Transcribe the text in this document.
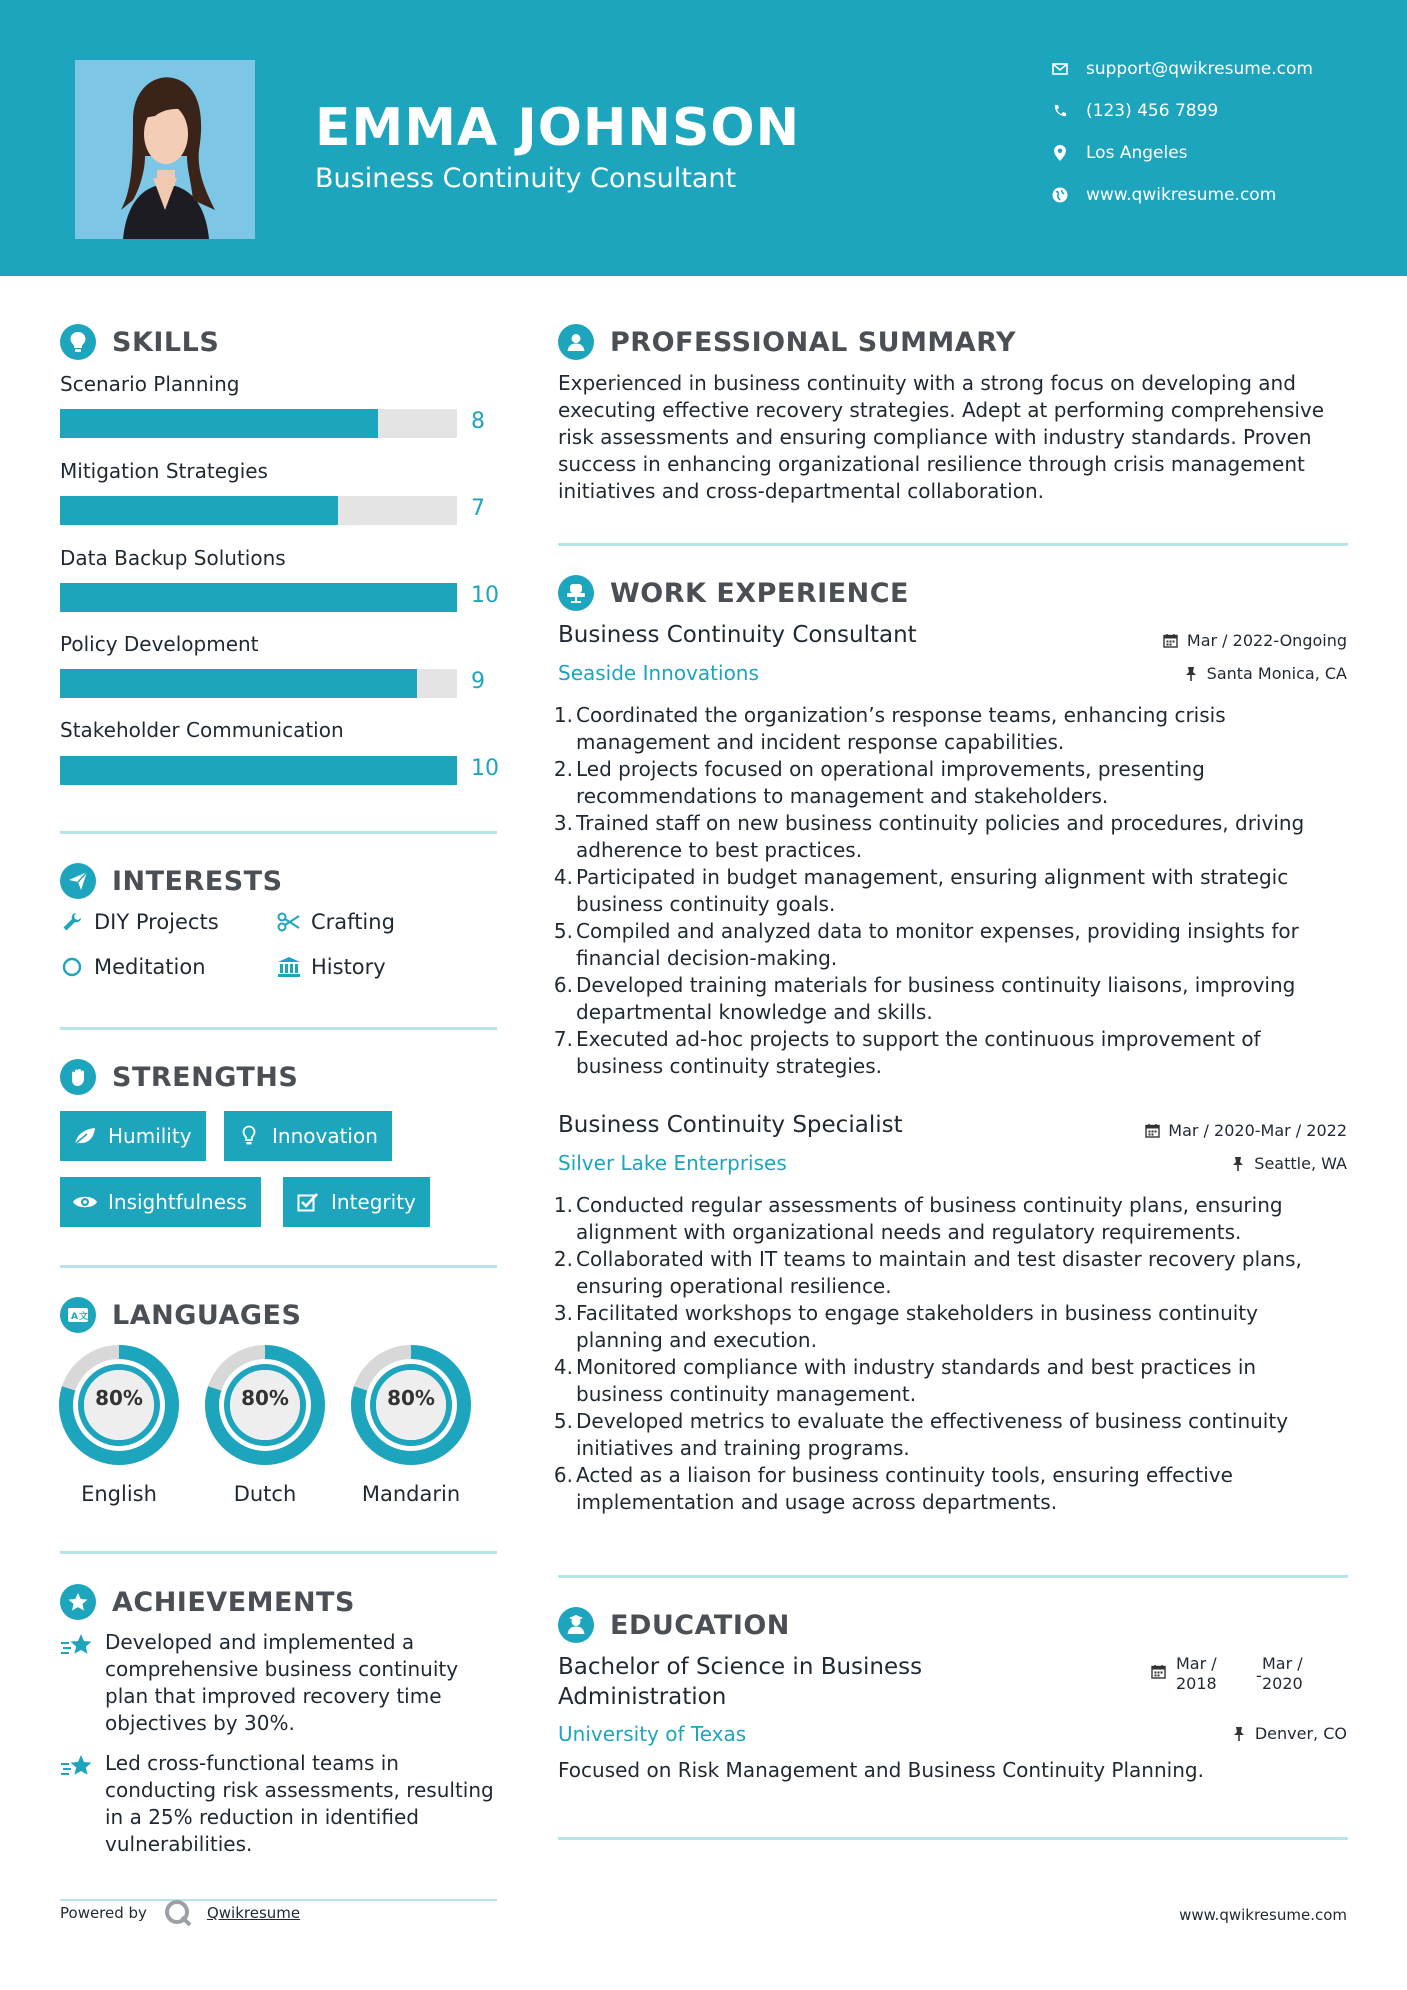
EMMA JOHNSON
Business Continuity Consultant
support@qwikresume.com
(123) 456 7899
Los Angeles
www.qwikresume.com
SKILLS
Scenario Planning
8
Mitigation Strategies
7
Data Backup Solutions
10
Policy Development
9
Stakeholder Communication
10
INTERESTS
DIY Projects	Crafting
Meditation	History
STRENGTHS
Humility	Innovation
Insightfulness	Integrity
A 文 LANGUAGES
80%
English
80%
Dutch
80%
Mandarin
ACHIEVEMENTS
Developed and implemented a comprehensive business continuity plan that improved recovery time objectives by 30%.
Led cross-functional teams in conducting risk assessments, resulting in a 25% reduction in identified vulnerabilities.
PROFESSIONAL SUMMARY
Experienced in business continuity with a strong focus on developing and executing effective recovery strategies. Adept at performing comprehensive risk assessments and ensuring compliance with industry standards. Proven success in enhancing organizational resilience through crisis management initiatives and cross-departmental collaboration.
WORK EXPERIENCE
Business Continuity Consultant	Mar / 2022-Ongoing
Seaside Innovations	Santa Monica, CA
1. Coordinated the organization’s response teams, enhancing crisis management and incident response capabilities.
2. Led projects focused on operational improvements, presenting recommendations to management and stakeholders.
3. Trained staff on new business continuity policies and procedures, driving adherence to best practices.
4. Participated in budget management, ensuring alignment with strategic business continuity goals.
5. Compiled and analyzed data to monitor expenses, providing insights for financial decision-making.
6. Developed training materials for business continuity liaisons, improving departmental knowledge and skills.
7. Executed ad-hoc projects to support the continuous improvement of business continuity strategies.
Business Continuity Specialist	Mar / 2020-Mar / 2022
Silver Lake Enterprises	Seattle, WA
1. Conducted regular assessments of business continuity plans, ensuring alignment with organizational needs and regulatory requirements.
2. Collaborated with IT teams to maintain and test disaster recovery plans, ensuring operational resilience.
3. Facilitated workshops to engage stakeholders in business continuity planning and execution.
4. Monitored compliance with industry standards and best practices in business continuity management.
5. Developed metrics to evaluate the effectiveness of business continuity initiatives and training programs.
6. Acted as a liaison for business continuity tools, ensuring effective implementation and usage across departments.
EDUCATION
Bachelor of Science in Business
Administration
Mar /
2018 -
Mar /
2020
University of Texas	Denver, CO
Focused on Risk Management and Business Continuity Planning.
Powered by	Qwikresume	www.qwikresume.com
